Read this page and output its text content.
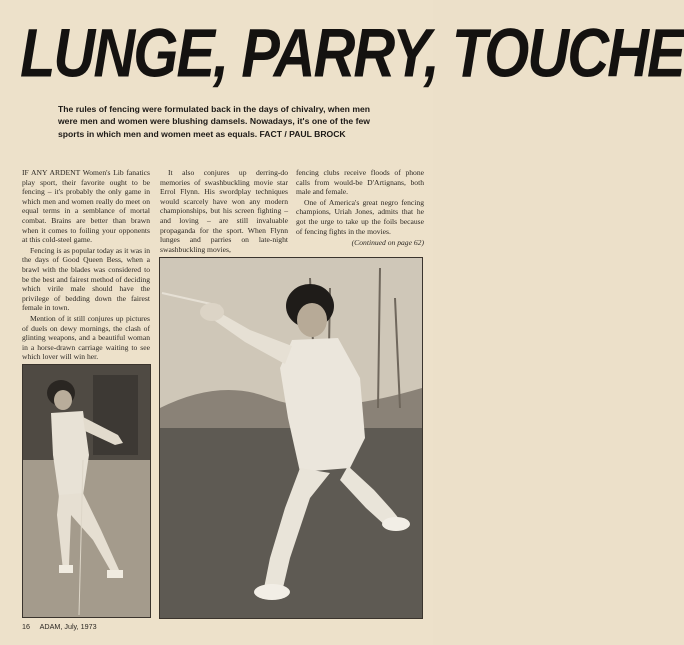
LUNGE, PARRY, TOUCHE
The rules of fencing were formulated back in the days of chivalry, when men were men and women were blushing damsels. Nowadays, it's one of the few sports in which men and women meet as equals. FACT / PAUL BROCK

IF ANY ARDENT Women's Lib fanatics play sport, their favorite ought to be fencing – it's probably the only game in which men and women really do meet on equal terms in a semblance of mortal combat. Brains are better than brawn when it comes to foiling your opponents at this cold-steel game.

Fencing is as popular today as it was in the days of Good Queen Bess, when a brawl with the blades was considered to be the best and fairest method of deciding which virile male should have the privilege of bedding down the fairest female in town.

Mention of it still conjures up pictures of duels on dewy mornings, the clash of glinting weapons, and a beautiful woman in a horse-drawn carriage waiting to see which lover will win her.

It also conjures up derring-do memories of swashbuckling movie star Errol Flynn. His swordplay techniques would scarcely have won any modern championships, but his screen fighting – and loving – are still invaluable propaganda for the sport. When Flynn lunges and parries on late-night swashbuckling movies,

fencing clubs receive floods of phone calls from would-be D'Artignans, both male and female.

One of America's great negro fencing champions, Uriah Jones, admits that he got the urge to take up the foils because of fencing fights in the movies.

(Continued on page 62)
16 ADAM, July, 1973
